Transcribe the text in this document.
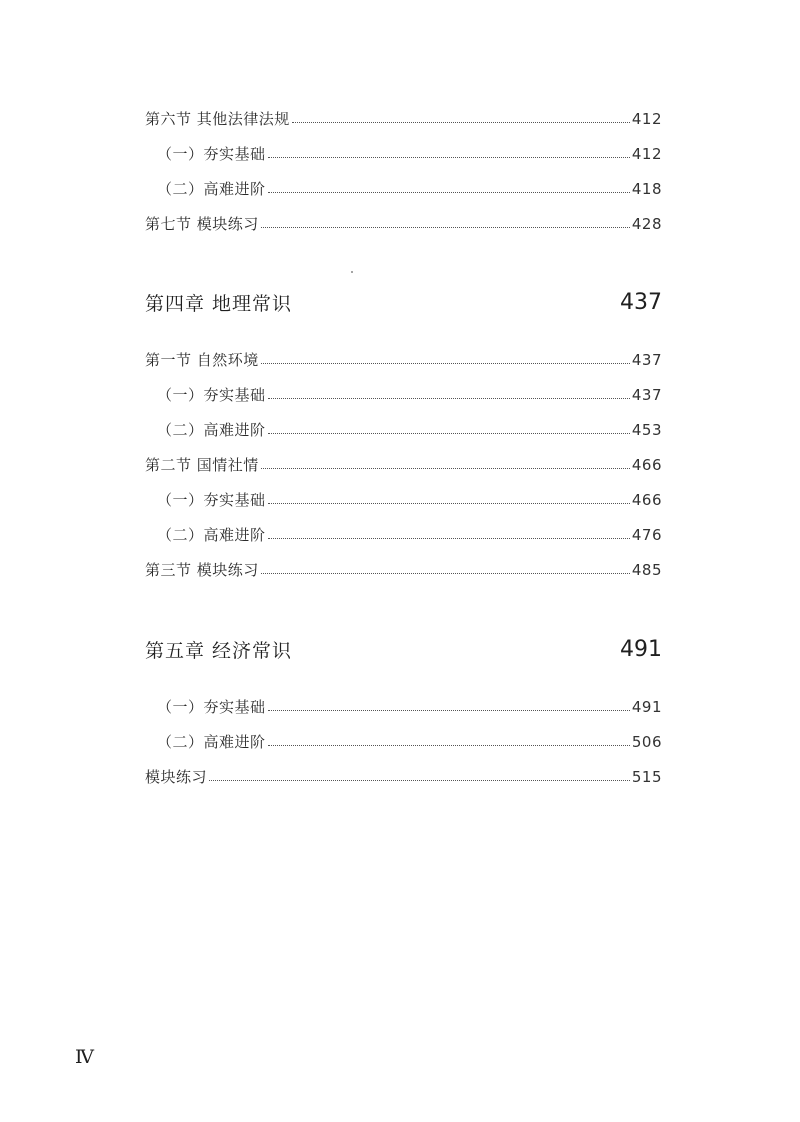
第六节 其他法律法规	412
（一）夯实基础	412
（二）高难进阶	418
第七节 模块练习	428
第四章 地理常识	437
第一节 自然环境	437
（一）夯实基础	437
（二）高难进阶	453
第二节 国情社情	466
（一）夯实基础	466
（二）高难进阶	476
第三节 模块练习	485
第五章 经济常识	491
（一）夯实基础	491
（二）高难进阶	506
模块练习	515
Ⅳ
